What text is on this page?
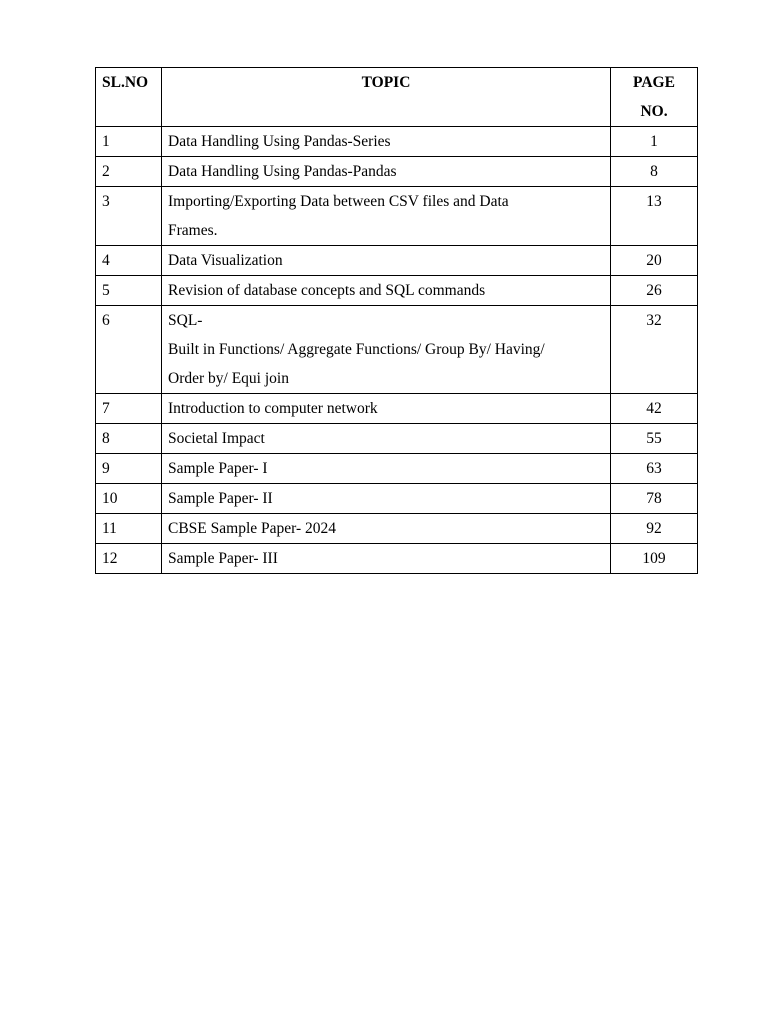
SL.NO	TOPIC	PAGE
NO.

1	Data Handling Using Pandas-Series	1
2	Data Handling Using Pandas-Pandas	8
3	Importing/Exporting Data between CSV files and Data
Frames.	13
4	Data Visualization	20
5	Revision of database concepts and SQL commands	26
6	SQL-
Built in Functions/ Aggregate Functions/ Group By/ Having/
Order by/ Equi join	32
7	Introduction to computer network	42
8	Societal Impact	55
9	Sample Paper- I	63
10	Sample Paper- II	78
11	CBSE Sample Paper- 2024	92
12	Sample Paper- III	109
